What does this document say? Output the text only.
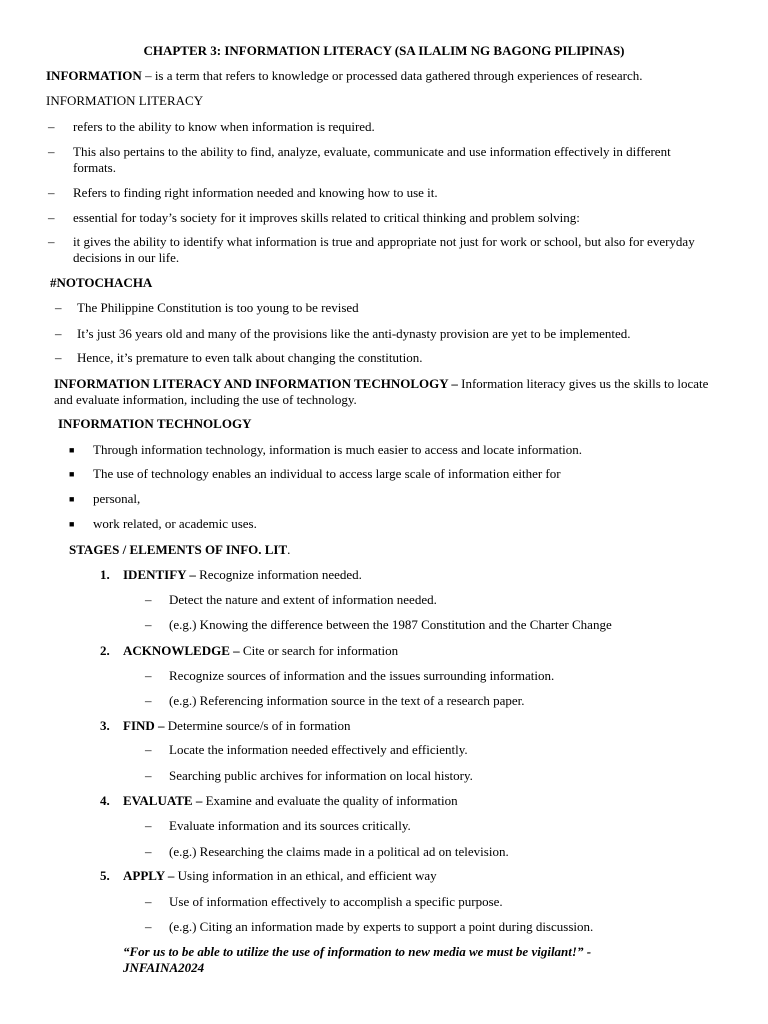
CHAPTER 3: INFORMATION LITERACY (SA ILALIM NG BAGONG PILIPINAS)
INFORMATION – is a term that refers to knowledge or processed data gathered through experiences of research.
INFORMATION LITERACY
– refers to the ability to know when information is required.
– This also pertains to the ability to find, analyze, evaluate, communicate and use information effectively in different formats.
– Refers to finding right information needed and knowing how to use it.
– essential for today’s society for it improves skills related to critical thinking and problem solving:
– it gives the ability to identify what information is true and appropriate not just for work or school, but also for everyday decisions in our life.
#NOTOCHACHA
– The Philippine Constitution is too young to be revised
– It’s just 36 years old and many of the provisions like the anti-dynasty provision are yet to be implemented.
– Hence, it’s premature to even talk about changing the constitution.
INFORMATION LITERACY AND INFORMATION TECHNOLOGY – Information literacy gives us the skills to locate and evaluate information, including the use of technology.
INFORMATION TECHNOLOGY
■ Through information technology, information is much easier to access and locate information.
■ The use of technology enables an individual to access large scale of information either for
■ personal,
■ work related, or academic uses.
STAGES / ELEMENTS OF INFO. LIT.
1. IDENTIFY – Recognize information needed.
– Detect the nature and extent of information needed.
– (e.g.) Knowing the difference between the 1987 Constitution and the Charter Change
2. ACKNOWLEDGE – Cite or search for information
– Recognize sources of information and the issues surrounding information.
– (e.g.) Referencing information source in the text of a research paper.
3. FIND – Determine source/s of in formation
– Locate the information needed effectively and efficiently.
– Searching public archives for information on local history.
4. EVALUATE – Examine and evaluate the quality of information
– Evaluate information and its sources critically.
– (e.g.) Researching the claims made in a political ad on television.
5. APPLY – Using information in an ethical, and efficient way
– Use of information effectively to accomplish a specific purpose.
– (e.g.) Citing an information made by experts to support a point during discussion.
“For us to be able to utilize the use of information to new media we must be vigilant!” - JNFAINA2024
